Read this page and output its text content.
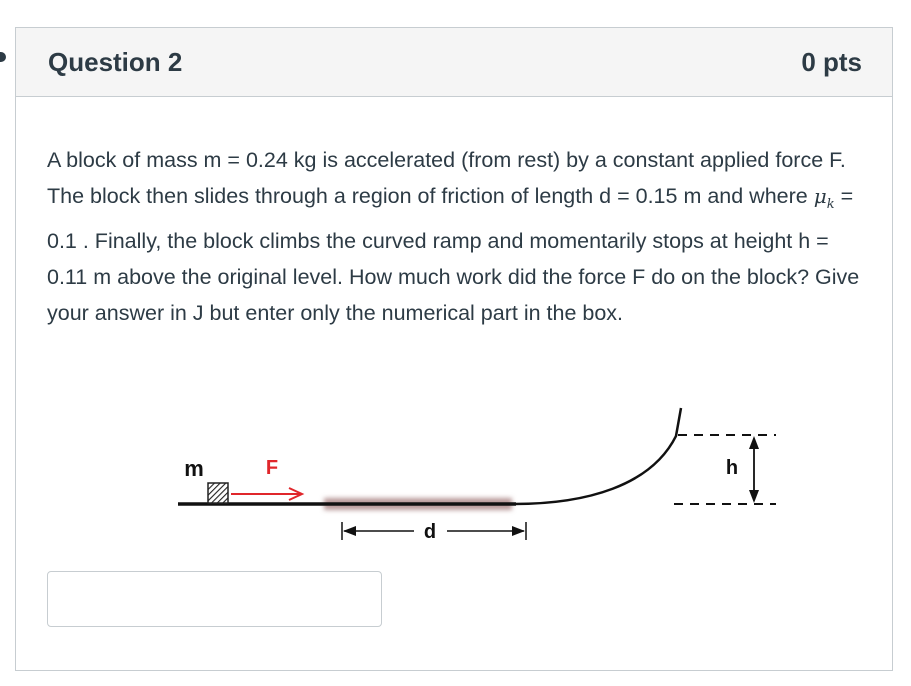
Question 2	0 pts
A block of mass m = 0.24 kg is accelerated (from rest) by a constant applied force F. The block then slides through a region of friction of length d = 0.15 m and where $\mu_k = 0.1$ . Finally, the block climbs the curved ramp and momentarily stops at height h = 0.11 m above the original level. How much work did the force F do on the block? Give your answer in J but enter only the numerical part in the box.
m	F
d
h
